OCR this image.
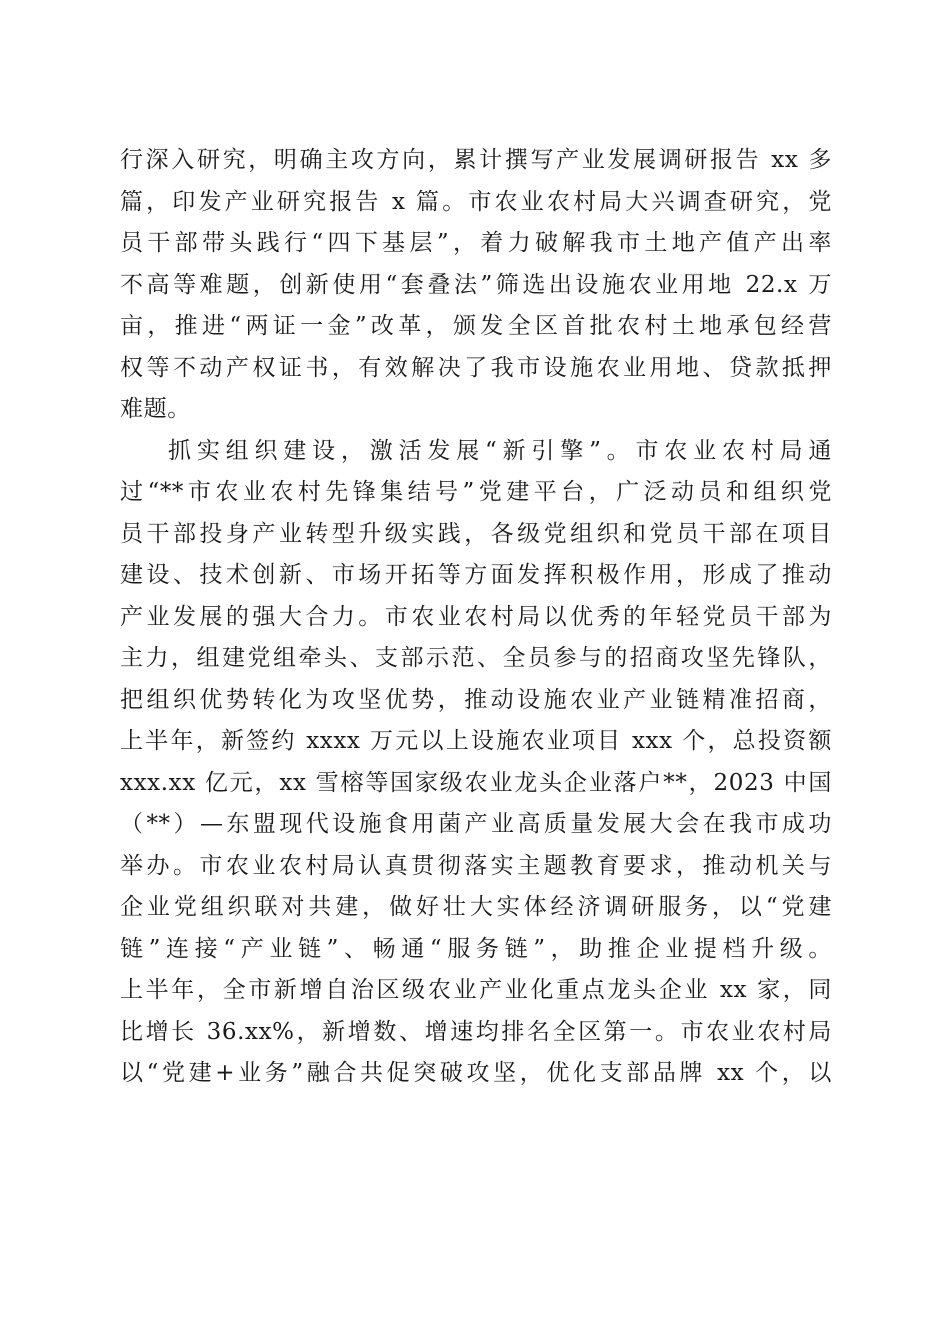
行深入研究，明确主攻方向，累计撰写产业发展调研报告 xx 多
篇，印发产业研究报告 x 篇。市农业农村局大兴调查研究，党
员干部带头践行“四下基层”，着力破解我市土地产值产出率
不高等难题，创新使用“套叠法”筛选出设施农业用地 22.x 万
亩，推进“两证一金”改革，颁发全区首批农村土地承包经营
权等不动产权证书，有效解决了我市设施农业用地、贷款抵押
难题。

抓实组织建设，激活发展“新引擎”。市农业农村局通
过“**市农业农村先锋集结号”党建平台，广泛动员和组织党
员干部投身产业转型升级实践，各级党组织和党员干部在项目
建设、技术创新、市场开拓等方面发挥积极作用，形成了推动
产业发展的强大合力。市农业农村局以优秀的年轻党员干部为
主力，组建党组牵头、支部示范、全员参与的招商攻坚先锋队，
把组织优势转化为攻坚优势，推动设施农业产业链精准招商，
上半年，新签约 xxxx 万元以上设施农业项目 xxx 个，总投资额
xxx.xx 亿元，xx 雪榕等国家级农业龙头企业落户**，2023 中国
（**）—东盟现代设施食用菌产业高质量发展大会在我市成功
举办。市农业农村局认真贯彻落实主题教育要求，推动机关与
企业党组织联对共建，做好壮大实体经济调研服务，以“党建
链”连接“产业链”、畅通“服务链”，助推企业提档升级。
上半年，全市新增自治区级农业产业化重点龙头企业 xx 家，同
比增长 36.xx%，新增数、增速均排名全区第一。市农业农村局
以“党建+业务”融合共促突破攻坚，优化支部品牌 xx 个，以
